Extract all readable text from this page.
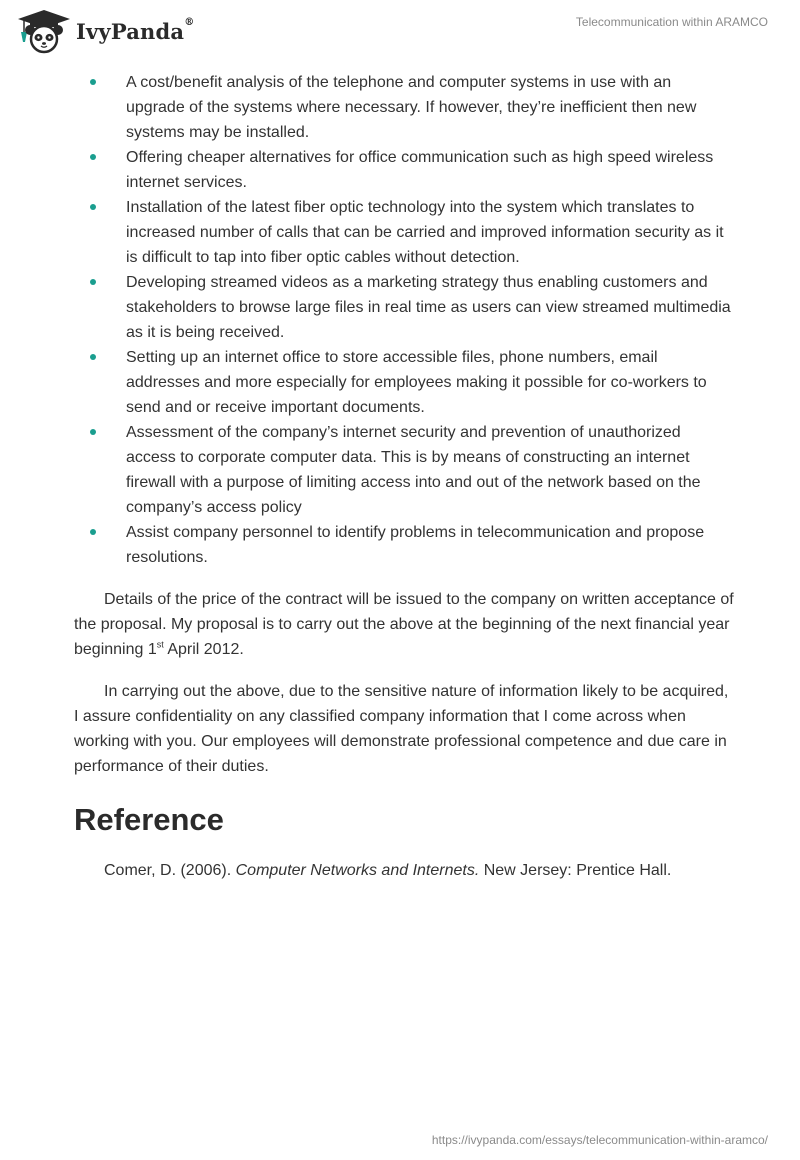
IvyPanda®	Telecommunication within ARAMCO
A cost/benefit analysis of the telephone and computer systems in use with an upgrade of the systems where necessary. If however, they’re inefficient then new systems may be installed.
Offering cheaper alternatives for office communication such as high speed wireless internet services.
Installation of the latest fiber optic technology into the system which translates to increased number of calls that can be carried and improved information security as it is difficult to tap into fiber optic cables without detection.
Developing streamed videos as a marketing strategy thus enabling customers and stakeholders to browse large files in real time as users can view streamed multimedia as it is being received.
Setting up an internet office to store accessible files, phone numbers, email addresses and more especially for employees making it possible for co-workers to send and or receive important documents.
Assessment of the company’s internet security and prevention of unauthorized access to corporate computer data. This is by means of constructing an internet firewall with a purpose of limiting access into and out of the network based on the company’s access policy
Assist company personnel to identify problems in telecommunication and propose resolutions.

Details of the price of the contract will be issued to the company on written acceptance of the proposal. My proposal is to carry out the above at the beginning of the next financial year beginning 1st April 2012.

In carrying out the above, due to the sensitive nature of information likely to be acquired, I assure confidentiality on any classified company information that I come across when working with you. Our employees will demonstrate professional competence and due care in performance of their duties.

Reference

Comer, D. (2006). Computer Networks and Internets. New Jersey: Prentice Hall.

https://ivypanda.com/essays/telecommunication-within-aramco/
